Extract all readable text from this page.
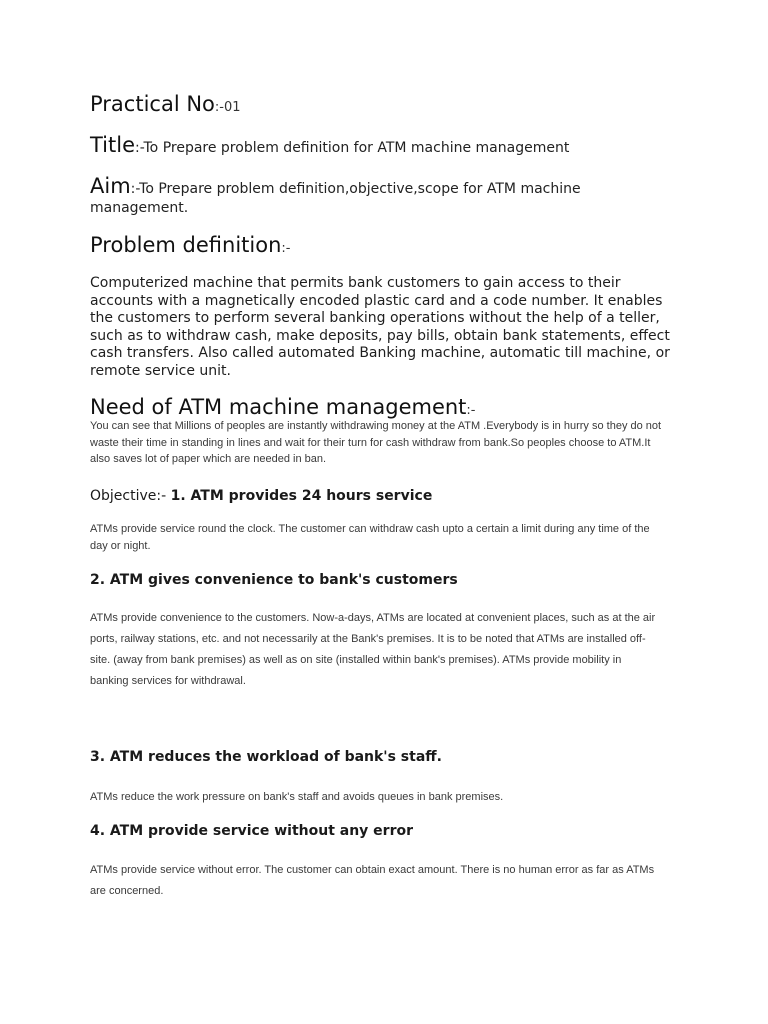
Practical No:-01
Title:-To Prepare problem definition for ATM machine management
Aim:-To Prepare problem definition,objective,scope for ATM machine
management.
Problem definition:-
Computerized machine that permits bank customers to gain access to their
accounts with a magnetically encoded plastic card and a code number. It enables
the customers to perform several banking operations without the help of a teller,
such as to withdraw cash, make deposits, pay bills, obtain bank statements, effect
cash transfers. Also called automated Banking machine, automatic till machine, or
remote service unit.
Need of ATM machine management:-
You can see that Millions of peoples are instantly withdrawing money at the ATM .Everybody is in hurry so they do not
waste their time in standing in lines and wait for their turn for cash withdraw from bank.So peoples choose to ATM.It
also saves lot of paper which are needed in ban.
Objective:- 1. ATM provides 24 hours service
ATMs provide service round the clock. The customer can withdraw cash upto a certain a limit during any time of the
day or night.
2. ATM gives convenience to bank's customers
ATMs provide convenience to the customers. Now-a-days, ATMs are located at convenient places, such as at the air
ports, railway stations, etc. and not necessarily at the Bank's premises. It is to be noted that ATMs are installed off-
site. (away from bank premises) as well as on site (installed within bank's premises). ATMs provide mobility in
banking services for withdrawal.
3. ATM reduces the workload of bank's staff.
ATMs reduce the work pressure on bank's staff and avoids queues in bank premises.
4. ATM provide service without any error
ATMs provide service without error. The customer can obtain exact amount. There is no human error as far as ATMs
are concerned.
